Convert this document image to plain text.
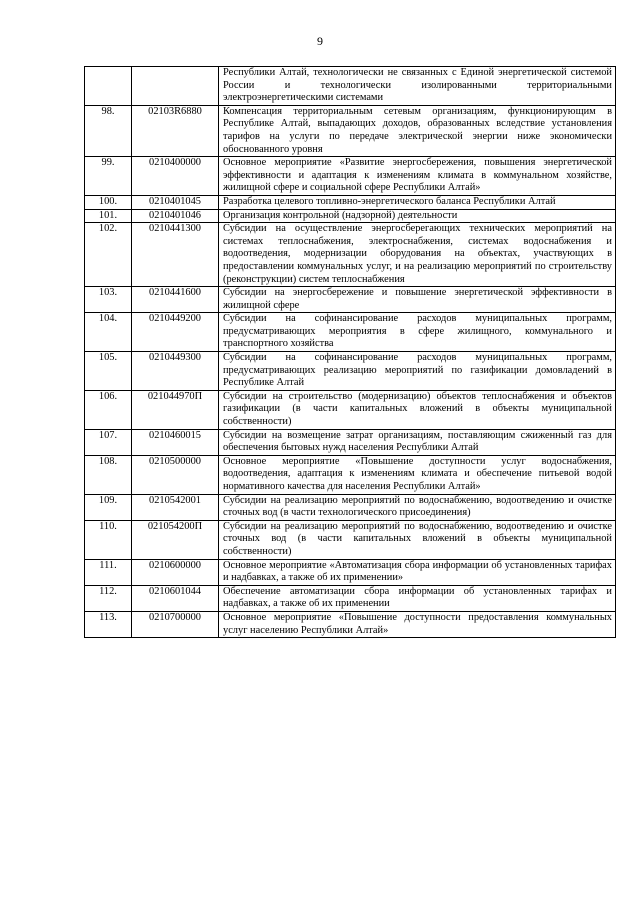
9
		Республики Алтай, технологически не связанных с Единой энергетической системой России и технологически изолированными территориальными электроэнергетическими системами
98.	02103R6880	Компенсация территориальным сетевым организациям, функционирующим в Республике Алтай, выпадающих доходов, образованных вследствие установления тарифов на услуги по передаче электрической энергии ниже экономически обоснованного уровня
99.	0210400000	Основное мероприятие «Развитие энергосбережения, повышения энергетической эффективности и адаптация к изменениям климата в коммунальном хозяйстве, жилищной сфере и социальной сфере Республики Алтай»
100.	0210401045	Разработка целевого топливно-энергетического баланса Республики Алтай
101.	0210401046	Организация контрольной (надзорной) деятельности
102.	0210441300	Субсидии на осуществление энергосберегающих технических мероприятий на системах теплоснабжения, электроснабжения, системах водоснабжения и водоотведения, модернизации оборудования на объектах, участвующих в предоставлении коммунальных услуг, и на реализацию мероприятий по строительству (реконструкции) систем теплоснабжения
103.	0210441600	Субсидии на энергосбережение и повышение энергетической эффективности в жилищной сфере
104.	0210449200	Субсидии на софинансирование расходов муниципальных программ, предусматривающих мероприятия в сфере жилищного, коммунального и транспортного хозяйства
105.	0210449300	Субсидии на софинансирование расходов муниципальных программ, предусматривающих реализацию мероприятий по газификации домовладений в Республике Алтай
106.	021044970П	Субсидии на строительство (модернизацию) объектов теплоснабжения и объектов газификации (в части капитальных вложений в объекты муниципальной собственности)
107.	0210460015	Субсидии на возмещение затрат организациям, поставляющим сжиженный газ для обеспечения бытовых нужд населения Республики Алтай
108.	0210500000	Основное мероприятие «Повышение доступности услуг водоснабжения, водоотведения, адаптация к изменениям климата и обеспечение питьевой водой нормативного качества для населения Республики Алтай»
109.	0210542001	Субсидии на реализацию мероприятий по водоснабжению, водоотведению и очистке сточных вод (в части технологического присоединения)
110.	021054200П	Субсидии на реализацию мероприятий по водоснабжению, водоотведению и очистке сточных вод (в части капитальных вложений в объекты муниципальной собственности)
111.	0210600000	Основное мероприятие «Автоматизация сбора информации об установленных тарифах и надбавках, а также об их применении»
112.	0210601044	Обеспечение автоматизации сбора информации об установленных тарифах и надбавках, а также об их применении
113.	0210700000	Основное мероприятие «Повышение доступности предоставления коммунальных услуг населению Республики Алтай»
